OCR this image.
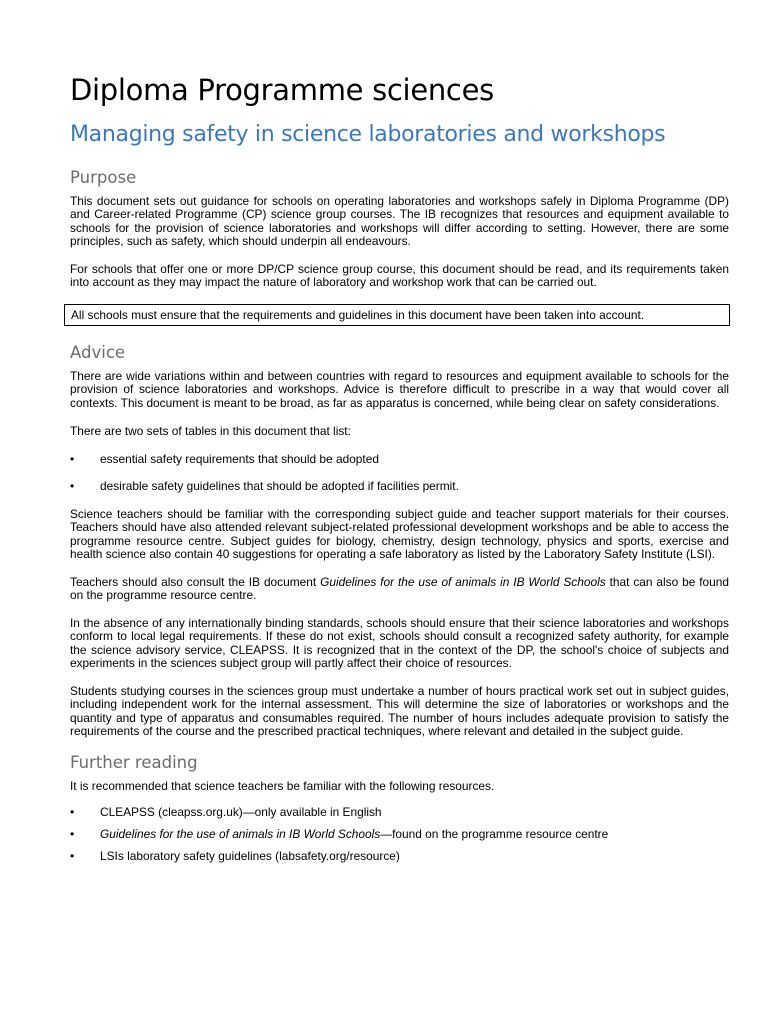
Diploma Programme sciences
Managing safety in science laboratories and workshops
Purpose

This document sets out guidance for schools on operating laboratories and workshops safely in Diploma Programme (DP) and Career-related Programme (CP) science group courses. The IB recognizes that resources and equipment available to schools for the provision of science laboratories and workshops will differ according to setting. However, there are some principles, such as safety, which should underpin all endeavours.

For schools that offer one or more DP/CP science group course, this document should be read, and its requirements taken into account as they may impact the nature of laboratory and workshop work that can be carried out.

All schools must ensure that the requirements and guidelines in this document have been taken into account.
Advice

There are wide variations within and between countries with regard to resources and equipment available to schools for the provision of science laboratories and workshops. Advice is therefore difficult to prescribe in a way that would cover all contexts. This document is meant to be broad, as far as apparatus is concerned, while being clear on safety considerations.

There are two sets of tables in this document that list:

• essential safety requirements that should be adopted
• desirable safety guidelines that should be adopted if facilities permit.

Science teachers should be familiar with the corresponding subject guide and teacher support materials for their courses. Teachers should have also attended relevant subject-related professional development workshops and be able to access the programme resource centre. Subject guides for biology, chemistry, design technology, physics and sports, exercise and health science also contain 40 suggestions for operating a safe laboratory as listed by the Laboratory Safety Institute (LSI).

Teachers should also consult the IB document Guidelines for the use of animals in IB World Schools that can also be found on the programme resource centre.

In the absence of any internationally binding standards, schools should ensure that their science laboratories and workshops conform to local legal requirements. If these do not exist, schools should consult a recognized safety authority, for example the science advisory service, CLEAPSS. It is recognized that in the context of the DP, the school's choice of subjects and experiments in the sciences subject group will partly affect their choice of resources.

Students studying courses in the sciences group must undertake a number of hours practical work set out in subject guides, including independent work for the internal assessment. This will determine the size of laboratories or workshops and the quantity and type of apparatus and consumables required. The number of hours includes adequate provision to satisfy the requirements of the course and the prescribed practical techniques, where relevant and detailed in the subject guide.

Further reading

It is recommended that science teachers be familiar with the following resources.

• CLEAPSS (cleapss.org.uk)—only available in English
• Guidelines for the use of animals in IB World Schools—found on the programme resource centre
• LSIs laboratory safety guidelines (labsafety.org/resource)
